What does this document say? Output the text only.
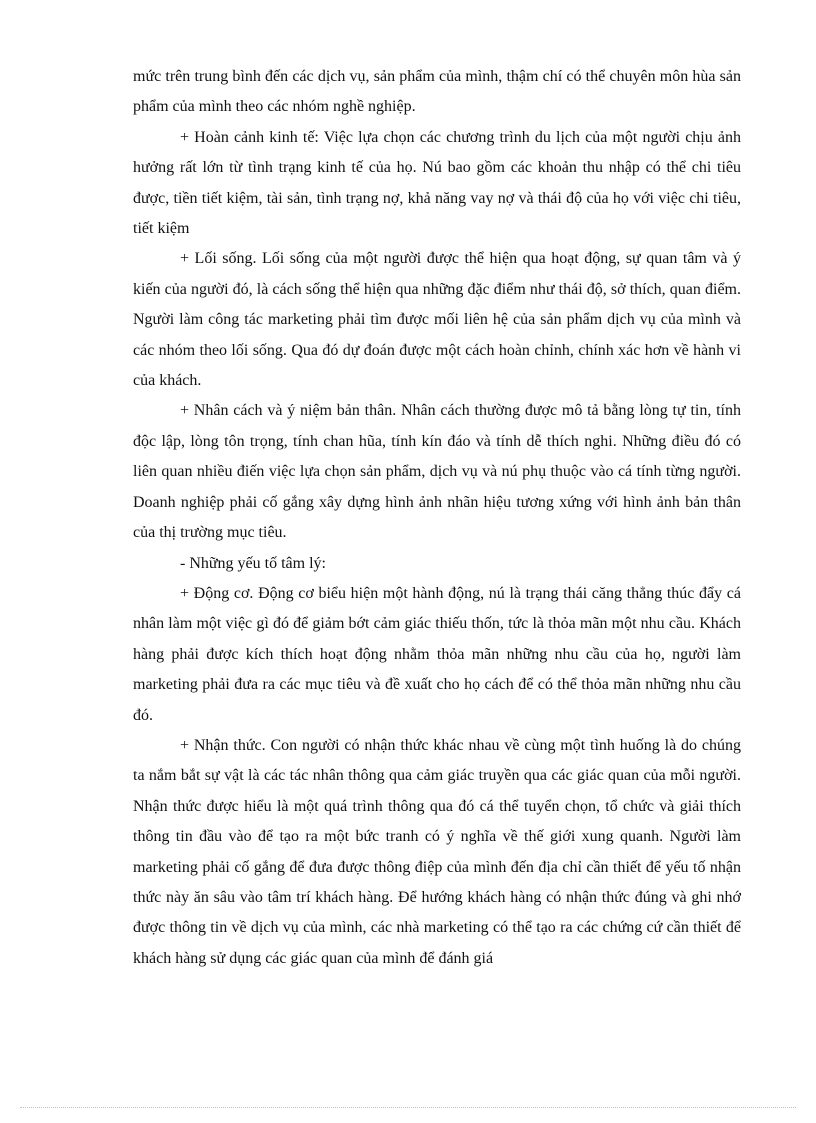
mức trên trung bình đến các dịch vụ, sản phẩm của mình, thậm chí có thể chuyên môn hùa sản phẩm của mình theo các nhóm nghề nghiệp.

+ Hoàn cảnh kinh tế: Việc lựa chọn các chương trình du lịch của một người chịu ảnh hưởng rất lớn từ tình trạng kinh tế của họ. Nú bao gồm các khoản thu nhập có thể chi tiêu được, tiền tiết kiệm, tài sản, tình trạng nợ, khả năng vay nợ và thái độ của họ với việc chi tiêu, tiết kiệm

+ Lối sống. Lối sống của một người được thể hiện qua hoạt động, sự quan tâm và ý kiến của người đó, là cách sống thể hiện qua những đặc điểm như thái độ, sở thích, quan điểm. Người làm công tác marketing phải tìm được mối liên hệ của sản phẩm dịch vụ của mình và các nhóm theo lối sống. Qua đó dự đoán được một cách hoàn chỉnh, chính xác hơn về hành vi của khách.

+ Nhân cách và ý niệm bản thân. Nhân cách thường được mô tả bằng lòng tự tin, tính độc lập, lòng tôn trọng, tính chan hũa, tính kín đáo và tính dễ thích nghi. Những điều đó có liên quan nhiều điến việc lựa chọn sản phẩm, dịch vụ và nú phụ thuộc vào cá tính từng người. Doanh nghiệp phải cố gắng xây dựng hình ảnh nhãn hiệu tương xứng với hình ảnh bản thân của thị trường mục tiêu.

- Những yếu tố tâm lý:

+ Động cơ. Động cơ biểu hiện một hành động, nú là trạng thái căng thẳng thúc đẩy cá nhân làm một việc gì đó để giảm bớt cảm giác thiếu thốn, tức là thỏa mãn một nhu cầu. Khách hàng phải được kích thích hoạt động nhằm thỏa mãn những nhu cầu của họ, người làm marketing phải đưa ra các mục tiêu và đề xuất cho họ cách để có thể thỏa mãn những nhu cầu đó.

+ Nhận thức. Con người có nhận thức khác nhau về cùng một tình huống là do chúng ta nắm bắt sự vật là các tác nhân thông qua cảm giác truyền qua các giác quan của mỗi người. Nhận thức được hiểu là một quá trình thông qua đó cá thể tuyển chọn, tổ chức và giải thích thông tin đầu vào để tạo ra một bức tranh có ý nghĩa về thế giới xung quanh. Người làm marketing phải cố gắng để đưa được thông điệp của mình đến địa chỉ cần thiết để yếu tố nhận thức này ăn sâu vào tâm trí khách hàng. Để hướng khách hàng có nhận thức đúng và ghi nhớ được thông tin về dịch vụ của mình, các nhà marketing có thể tạo ra các chứng cứ cần thiết để khách hàng sử dụng các giác quan của mình để đánh giá
